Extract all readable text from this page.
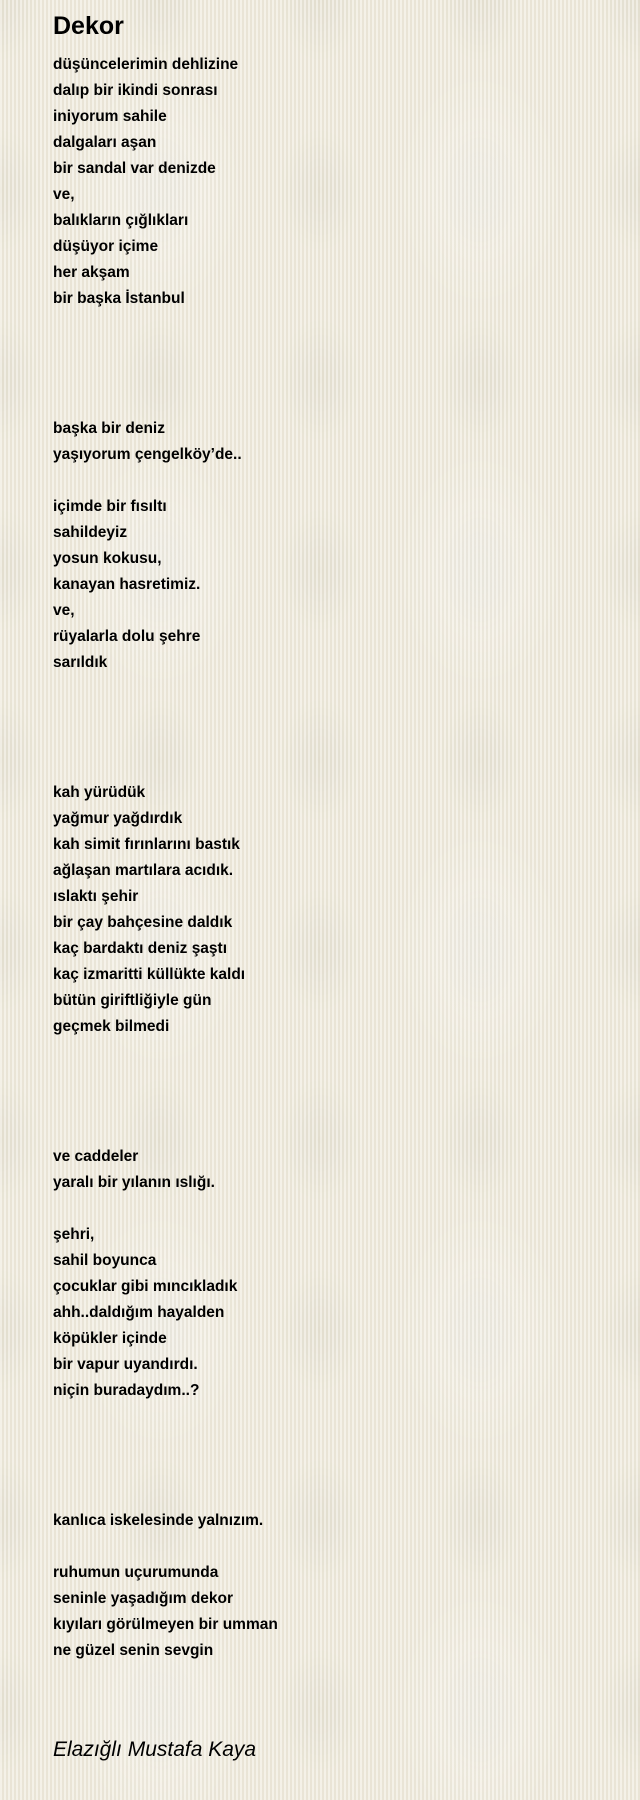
Dekor
düşüncelerimin dehlizine
dalıp bir ikindi sonrası
iniyorum sahile
dalgaları aşan
bir sandal var denizde
ve,
balıkların çığlıkları
düşüyor içime
her akşam
bir başka İstanbul
başka bir deniz
yaşıyorum çengelköy’de..
içimde bir fısıltı
sahildeyiz
yosun kokusu,
kanayan hasretimiz.
ve,
rüyalarla dolu şehre
sarıldık
kah yürüdük
yağmur yağdırdık
kah simit fırınlarını bastık
ağlaşan martılara acıdık.
ıslaktı şehir
bir çay bahçesine daldık
kaç bardaktı deniz şaştı
kaç izmaritti küllükte kaldı
bütün giriftliğiyle gün
geçmek bilmedi
ve caddeler
yaralı bir yılanın ıslığı.
şehri,
sahil boyunca
çocuklar gibi mıncıkladık
ahh..daldığım hayalden
köpükler içinde
bir vapur uyandırdı.
niçin buradaydım..?
kanlıca iskelesinde yalnızım.
ruhumun uçurumunda
seninle yaşadığım dekor
kıyıları görülmeyen bir umman
ne güzel senin sevgin
Elazığlı Mustafa Kaya
